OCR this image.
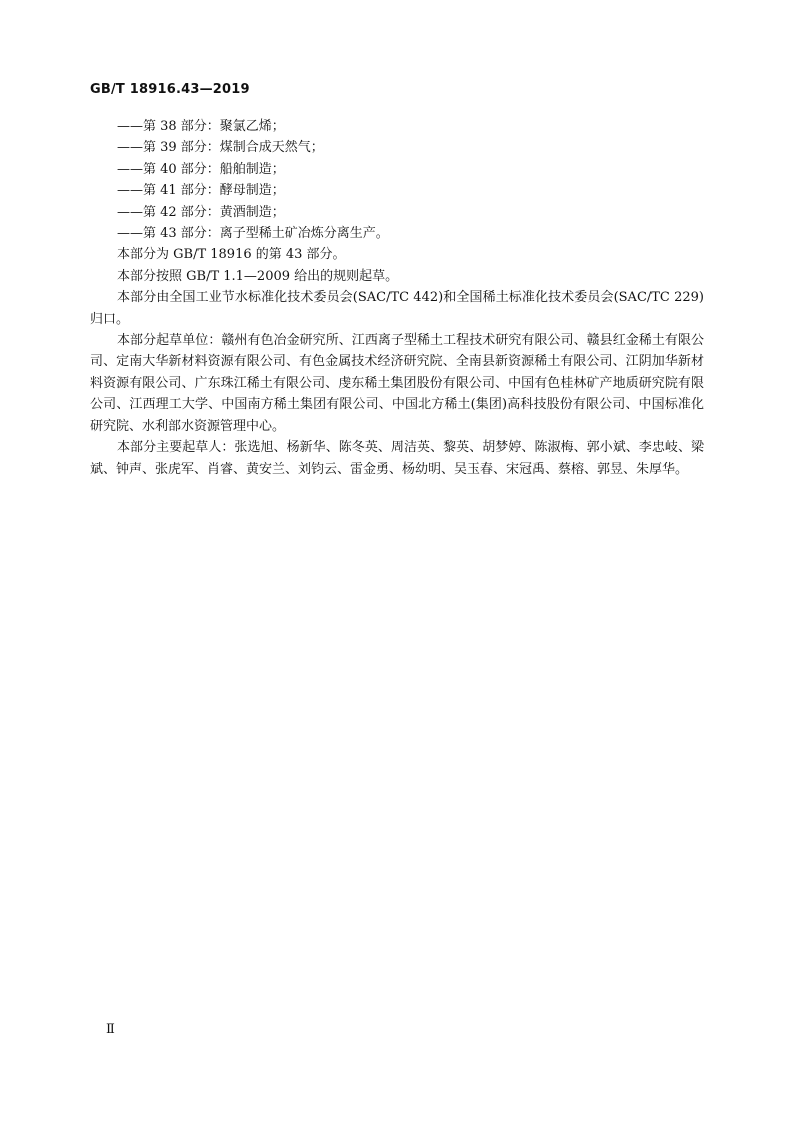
GB/T 18916.43—2019
——第 38 部分：聚氯乙烯；
——第 39 部分：煤制合成天然气；
——第 40 部分：船舶制造；
——第 41 部分：酵母制造；
——第 42 部分：黄酒制造；
——第 43 部分：离子型稀土矿冶炼分离生产。
本部分为 GB/T 18916 的第 43 部分。
本部分按照 GB/T 1.1—2009 给出的规则起草。
本部分由全国工业节水标准化技术委员会(SAC/TC 442)和全国稀土标准化技术委员会(SAC/TC 229)归口。
本部分起草单位：赣州有色冶金研究所、江西离子型稀土工程技术研究有限公司、赣县红金稀土有限公司、定南大华新材料资源有限公司、有色金属技术经济研究院、全南县新资源稀土有限公司、江阴加华新材料资源有限公司、广东珠江稀土有限公司、虔东稀土集团股份有限公司、中国有色桂林矿产地质研究院有限公司、江西理工大学、中国南方稀土集团有限公司、中国北方稀土(集团)高科技股份有限公司、中国标准化研究院、水利部水资源管理中心。
本部分主要起草人：张选旭、杨新华、陈冬英、周洁英、黎英、胡梦婷、陈淑梅、郭小斌、李忠岐、梁斌、钟声、张虎军、肖睿、黄安兰、刘钧云、雷金勇、杨幼明、吴玉春、宋冠禹、蔡榕、郭昱、朱厚华。
Ⅱ
